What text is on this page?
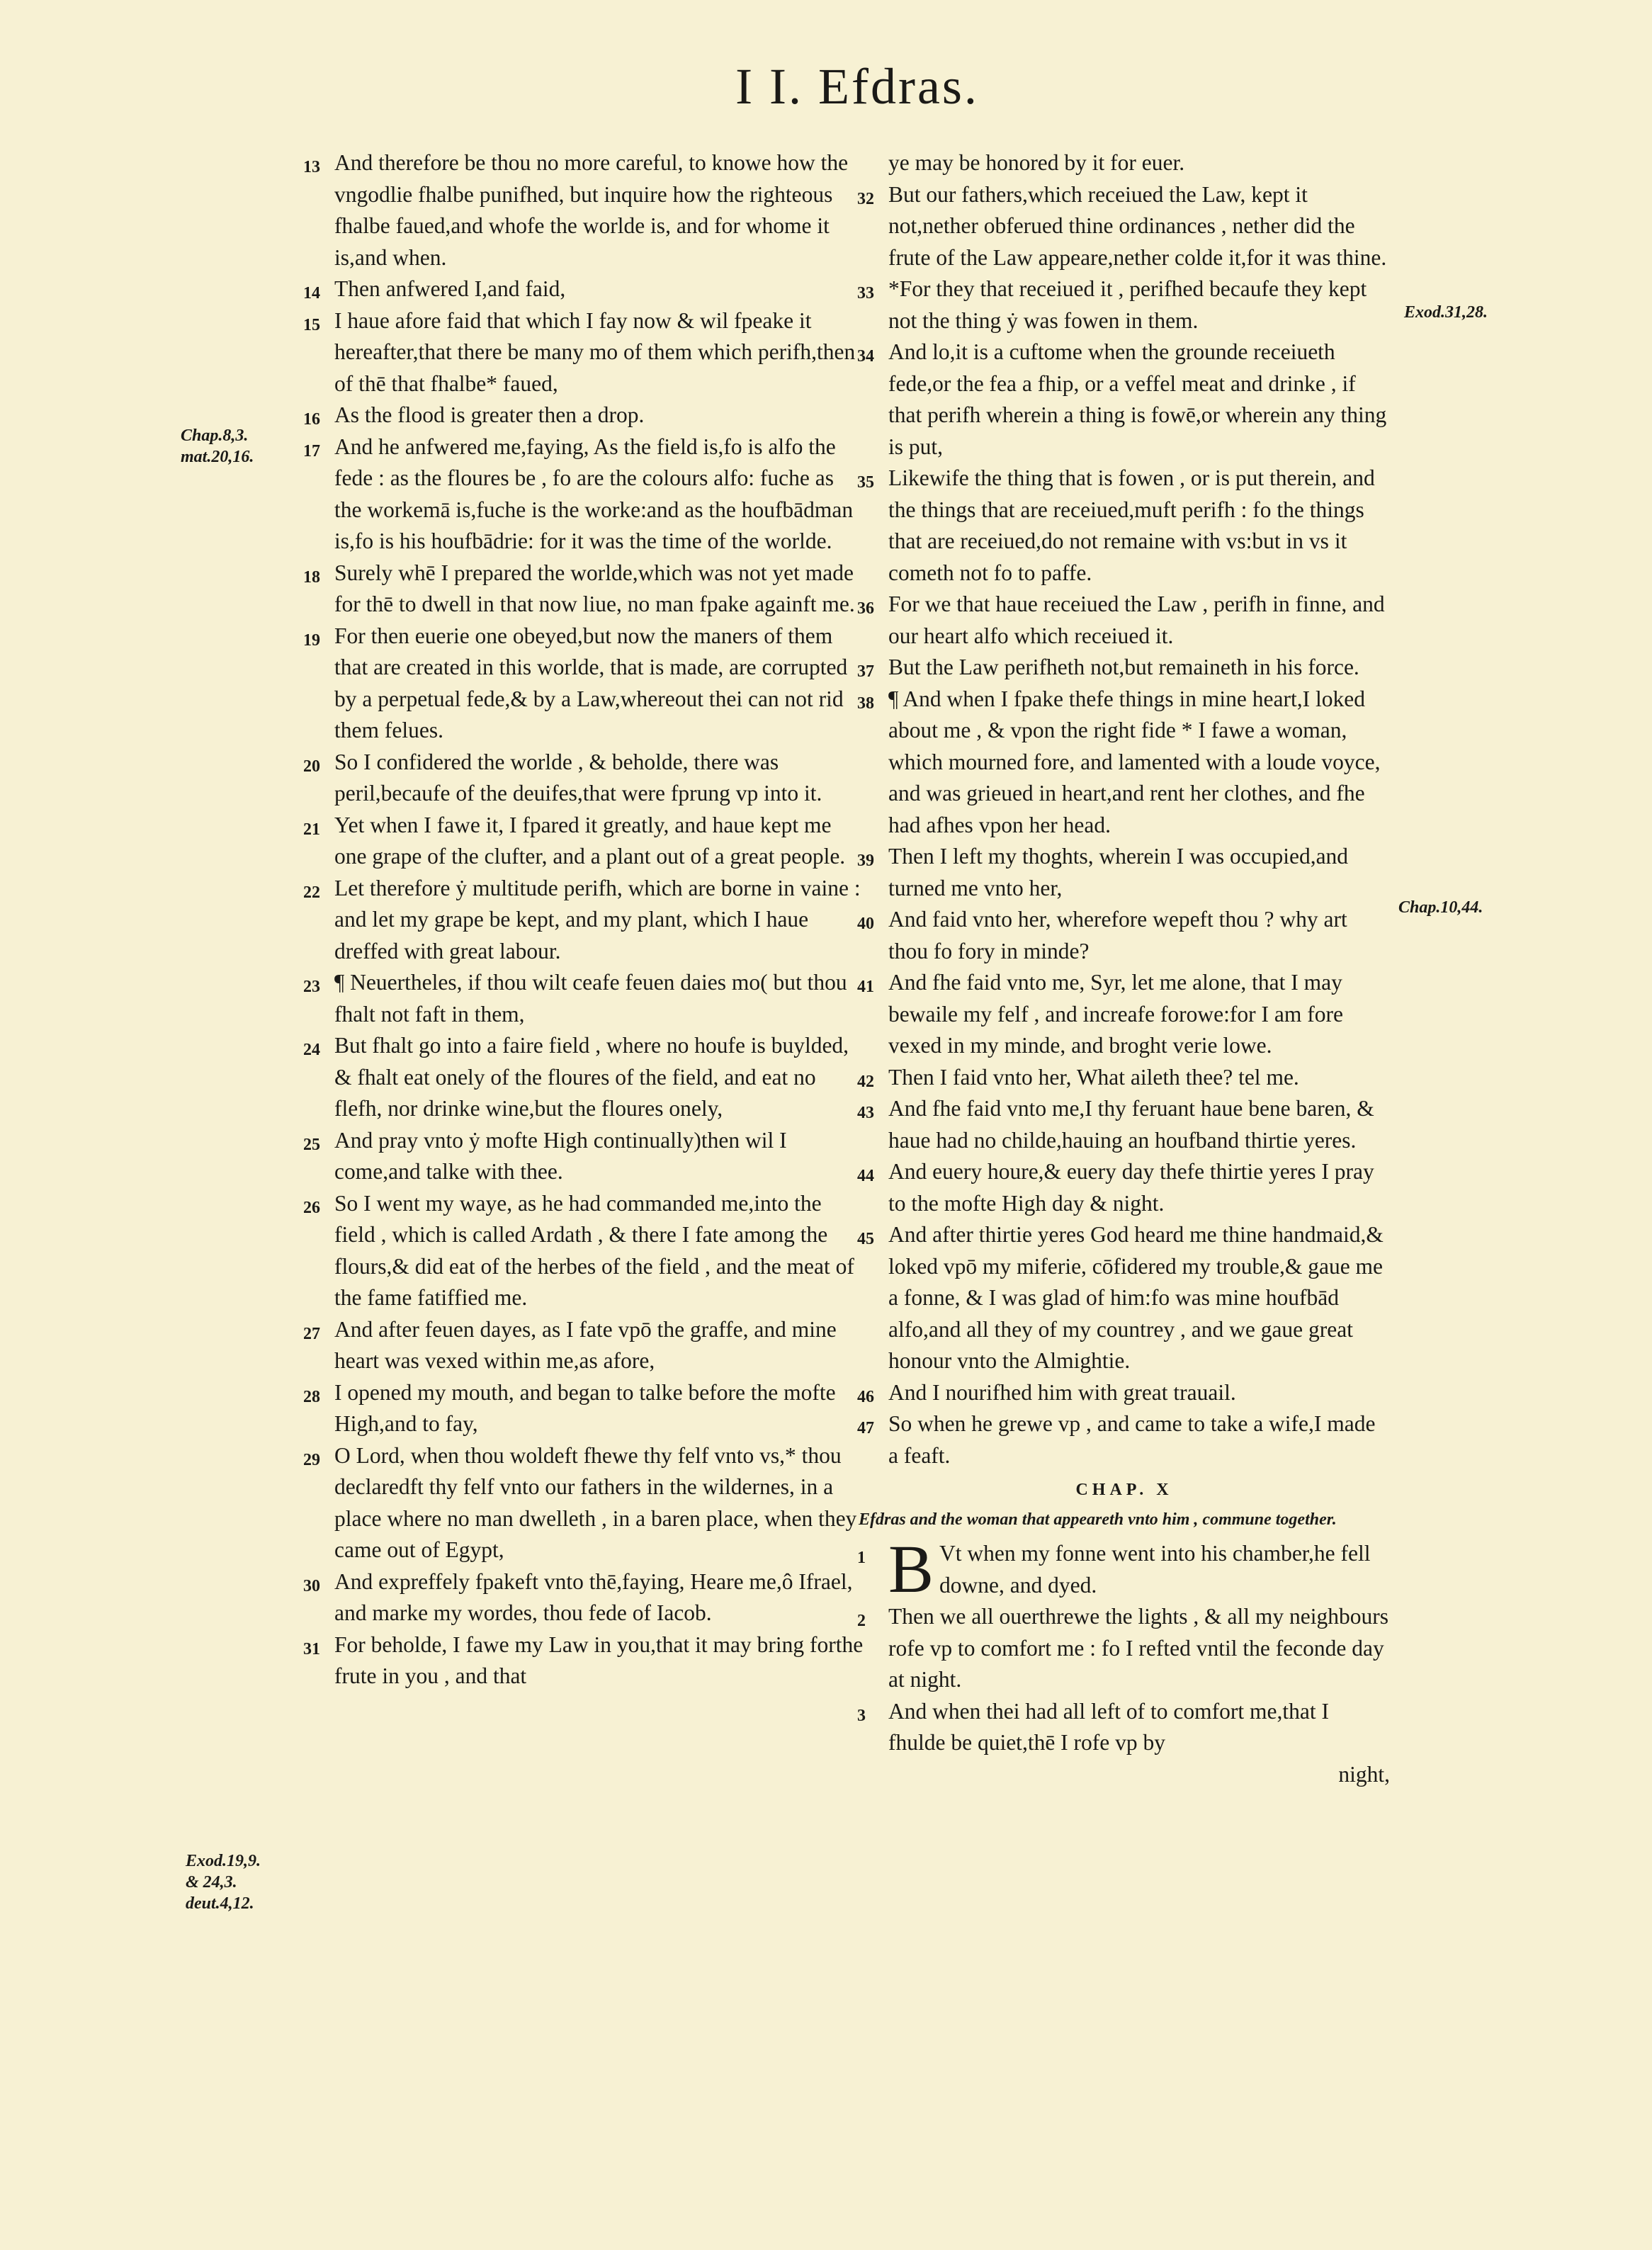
I I. Efdras.
Chap.8,3.
mat.20,16.
Exod.19,9.
& 24,3.
deut.4,12.
Exod.31,28.
Chap.10,44.
13 And therefore be thou no more careful, to knowe how the vngodlie fhalbe punifhed, but inquire how the righteous fhalbe faued,and whofe the worlde is, and for whome it is,and when.
14 Then anfwered I,and faid,
15 I haue afore faid that which I fay now & wil fpeake it hereafter,that there be many mo of them which perifh,then of thē that fhalbe* faued,
16 As the flood is greater then a drop.
17 And he anfwered me,faying, As the field is,fo is alfo the fede : as the floures be , fo are the colours alfo: fuche as the workemā is,fuche is the worke:and as the houfbādman is,fo is his houfbādrie: for it was the time of the worlde.
18 Surely whē I prepared the worlde,which was not yet made for thē to dwell in that now liue, no man fpake againft me.
19 For then euerie one obeyed,but now the maners of them that are created in this worlde, that is made, are corrupted by a perpetual fede,& by a Law,whereout thei can not rid them felues.
20 So I confidered the worlde , & beholde, there was peril,becaufe of the deuifes,that were fprung vp into it.
21 Yet when I fawe it, I fpared it greatly, and haue kept me one grape of the clufter, and a plant out of a great people.
22 Let therefore ẏ multitude perifh, which are borne in vaine : and let my grape be kept, and my plant, which I haue dreffed with great labour.
23 ¶ Neuertheles, if thou wilt ceafe feuen daies mo( but thou fhalt not faft in them,
24 But fhalt go into a faire field , where no houfe is buylded, & fhalt eat onely of the floures of the field, and eat no flefh, nor drinke wine,but the floures onely,
25 And pray vnto ẏ mofte High continually)then wil I come,and talke with thee.
26 So I went my waye, as he had commanded me,into the field , which is called Ardath , & there I fate among the flours,& did eat of the herbes of the field , and the meat of the fame fatiffied me.
27 And after feuen dayes, as I fate vpō the graffe, and mine heart was vexed within me,as afore,
28 I opened my mouth, and began to talke before the mofte High,and to fay,
29 O Lord, when thou woldeft fhewe thy felf vnto vs,* thou declaredft thy felf vnto our fathers in the wildernes, in a place where no man dwelleth , in a baren place, when they came out of Egypt,
30 And expreffely fpakeft vnto thē,faying, Heare me,ô Ifrael, and marke my wordes, thou fede of Iacob.
31 For beholde, I fawe my Law in you,that it may bring forthe frute in you , and that
ye may be honored by it for euer.
32 But our fathers,which receiued the Law, kept it not,nether obferued thine ordinances , nether did the frute of the Law appeare,nether colde it,for it was thine.
33 *For they that receiued it , perifhed becaufe they kept not the thing ẏ was fowen in them.
34 And lo,it is a cuftome when the grounde receiueth fede,or the fea a fhip, or a veffel meat and drinke , if that perifh wherein a thing is fowē,or wherein any thing is put,
35 Likewife the thing that is fowen , or is put therein, and the things that are receiued,muft perifh : fo the things that are receiued,do not remaine with vs:but in vs it cometh not fo to paffe.
36 For we that haue receiued the Law , perifh in finne, and our heart alfo which receiued it.
37 But the Law perifheth not,but remaineth in his force.
38 ¶ And when I fpake thefe things in mine heart,I loked about me , & vpon the right fide * I fawe a woman, which mourned fore, and lamented with a loude voyce, and was grieued in heart,and rent her clothes, and fhe had afhes vpon her head.
39 Then I left my thoghts, wherein I was occupied,and turned me vnto her,
40 And faid vnto her, wherefore wepeft thou ? why art thou fo fory in minde?
41 And fhe faid vnto me, Syr, let me alone, that I may bewaile my felf , and increafe forowe:for I am fore vexed in my minde, and broght verie lowe.
42 Then I faid vnto her, What aileth thee? tel me.
43 And fhe faid vnto me,I thy feruant haue bene baren, & haue had no childe,hauing an houfband thirtie yeres.
44 And euery houre,& euery day thefe thirtie yeres I pray to the mofte High day & night.
45 And after thirtie yeres God heard me thine handmaid,& loked vpō my miferie, cōfidered my trouble,& gaue me a fonne, & I was glad of him:fo was mine houfbād alfo,and all they of my countrey , and we gaue great honour vnto the Almightie.
46 And I nourifhed him with great trauail.
47 So when he grewe vp , and came to take a wife,I made a feaft.
CHAP. X
Efdras and the woman that appeareth vnto him , commune together.
1 B Vt when my fonne went into his chamber,he fell downe, and dyed.
2	Then we all ouerthrewe the lights , & all my neighbours rofe vp to comfort me : fo I refted vntil the feconde day at night.
3	And when thei had all left of to comfort me,that I fhulde be quiet,thē I rofe vp by
night,
